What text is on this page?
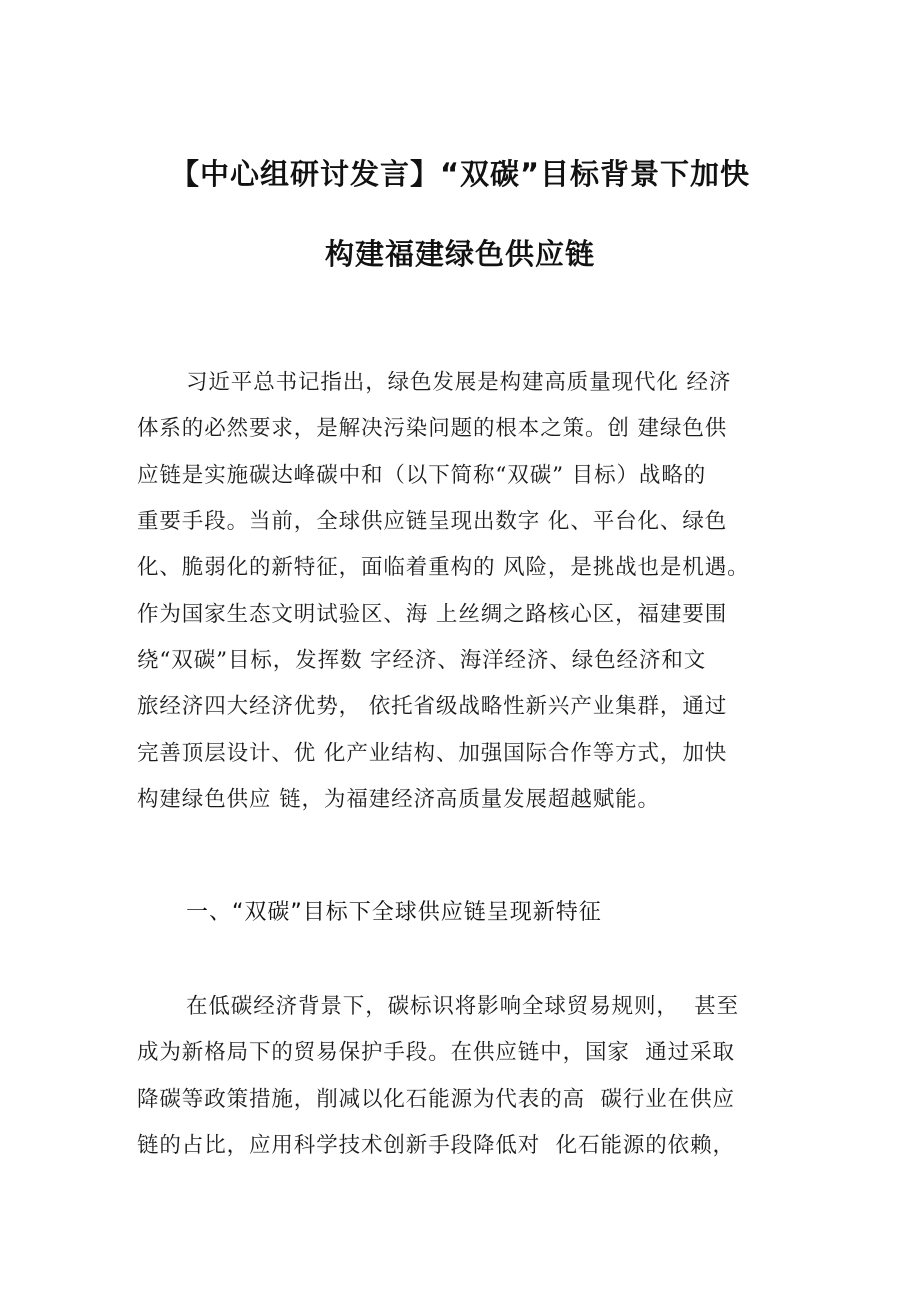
【中心组研讨发言】“双碳”目标背景下加快
构建福建绿色供应链
习近平总书记指出，绿色发展是构建高质量现代化 经济
体系的必然要求，是解决污染问题的根本之策。创 建绿色供
应链是实施碳达峰碳中和（以下简称“双碳” 目标）战略的
重要手段。当前，全球供应链呈现出数字 化、平台化、绿色
化、脆弱化的新特征，面临着重构的 风险，是挑战也是机遇。
作为国家生态文明试验区、海 上丝绸之路核心区，福建要围
绕“双碳”目标，发挥数 字经济、海洋经济、绿色经济和文
旅经济四大经济优势， 依托省级战略性新兴产业集群，通过
完善顶层设计、优 化产业结构、加强国际合作等方式，加快
构建绿色供应 链，为福建经济高质量发展超越赋能。
一、“双碳”目标下全球供应链呈现新特征
在低碳经济背景下，碳标识将影响全球贸易规则，  甚至
成为新格局下的贸易保护手段。在供应链中，国家  通过采取
降碳等政策措施，削减以化石能源为代表的高  碳行业在供应
链的占比，应用科学技术创新手段降低对  化石能源的依赖，
